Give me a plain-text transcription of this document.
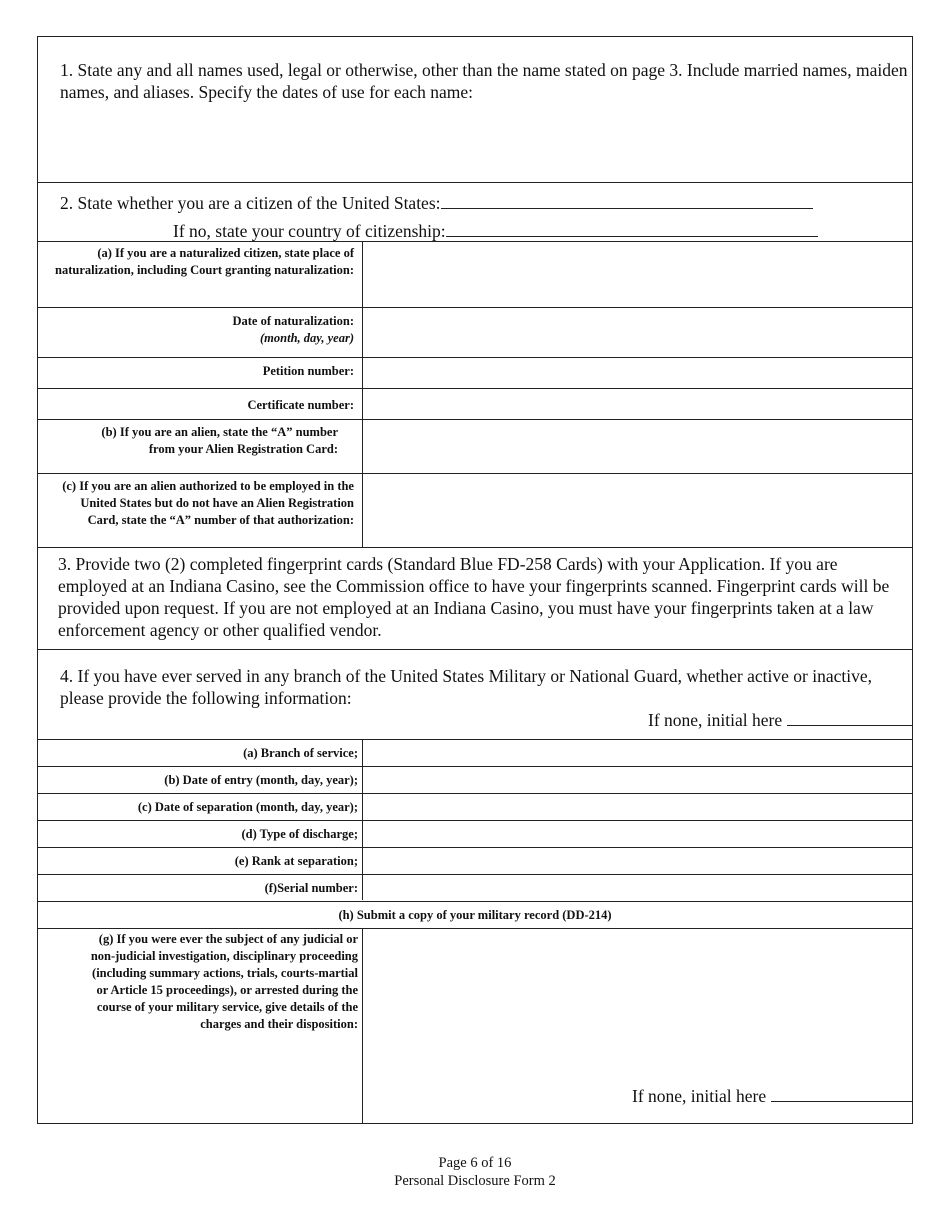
1. State any and all names used, legal or otherwise, other than the name stated on page 3. Include married names, maiden names, and aliases. Specify the dates of use for each name:
2. State whether you are a citizen of the United States:
If no, state your country of citizenship:
(a) If you are a naturalized citizen, state place of naturalization, including Court granting naturalization:
Date of naturalization:
(month, day, year)
Petition number:
Certificate number:
(b) If you are an alien, state the “A” number from your Alien Registration Card:
(c) If you are an alien authorized to be employed in the United States but do not have an Alien Registration Card, state the “A” number of that authorization:
3. Provide two (2) completed fingerprint cards (Standard Blue FD-258 Cards) with your Application. If you are employed at an Indiana Casino, see the Commission office to have your fingerprints scanned. Fingerprint cards will be provided upon request. If you are not employed at an Indiana Casino, you must have your fingerprints taken at a law enforcement agency or other qualified vendor.
4. If you have ever served in any branch of the United States Military or National Guard, whether active or inactive, please provide the following information:
If none, initial here
(a) Branch of service;
(b) Date of entry (month, day, year);
(c) Date of separation (month, day, year);
(d) Type of discharge;
(e) Rank at separation;
(f)Serial number:
(h) Submit a copy of your military record (DD-214)
(g) If you were ever the subject of any judicial or non-judicial investigation, disciplinary proceeding (including summary actions, trials, courts-martial or Article 15 proceedings), or arrested during the course of your military service, give details of the charges and their disposition:
If none, initial here
Page 6 of 16
Personal Disclosure Form 2
